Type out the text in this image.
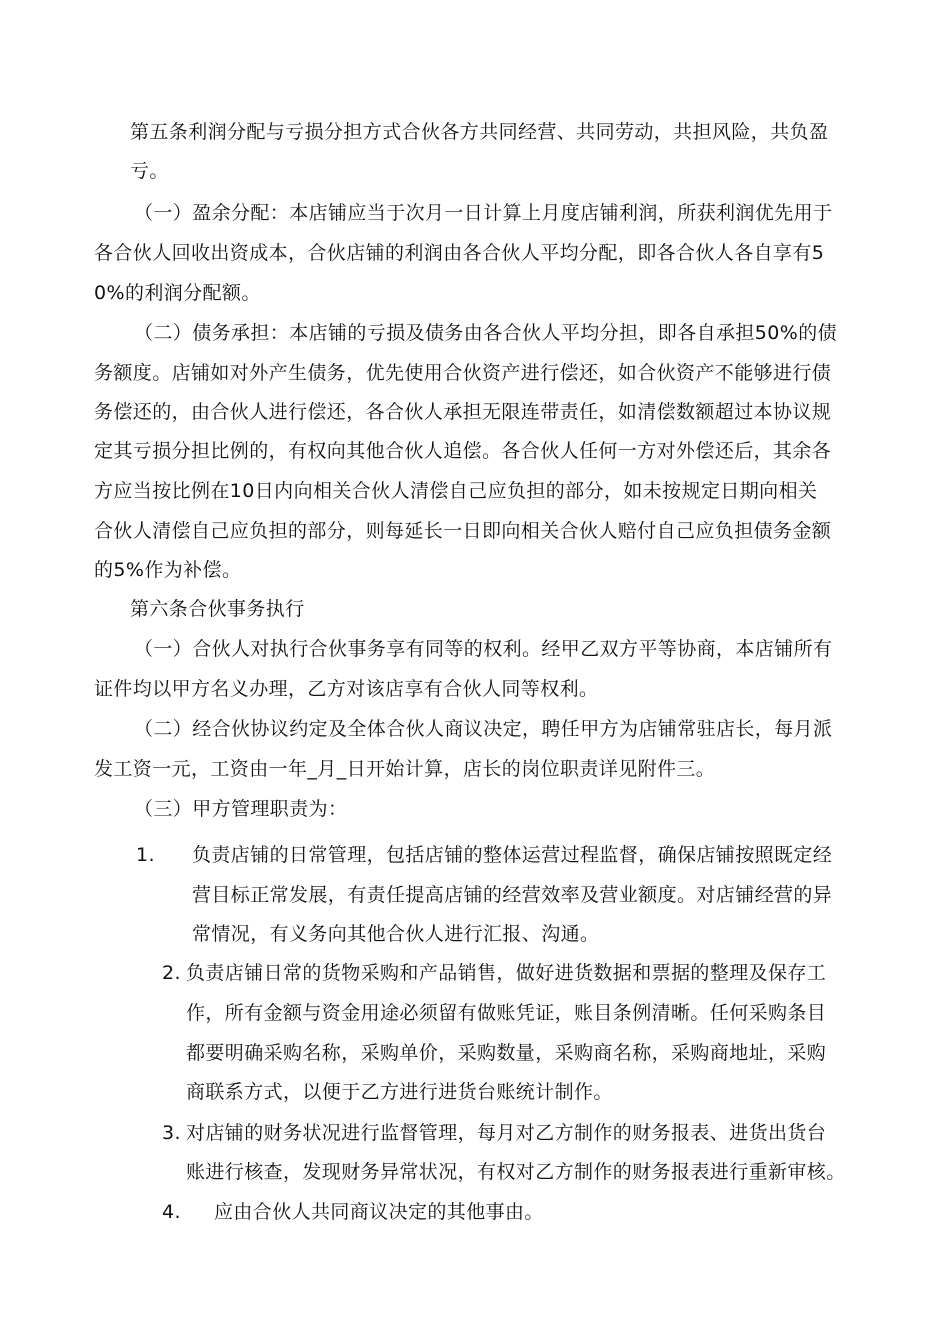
第五条利润分配与亏损分担方式合伙各方共同经营、共同劳动，共担风险，共负盈
亏。
（一）盈余分配：本店铺应当于次月一日计算上月度店铺利润，所获利润优先用于
各合伙人回收出资成本，合伙店铺的利润由各合伙人平均分配，即各合伙人各自享有5
0%的利润分配额。
（二）债务承担：本店铺的亏损及债务由各合伙人平均分担，即各自承担50%的债
务额度。店铺如对外产生债务，优先使用合伙资产进行偿还，如合伙资产不能够进行债
务偿还的，由合伙人进行偿还，各合伙人承担无限连带责任，如清偿数额超过本协议规
定其亏损分担比例的，有权向其他合伙人追偿。各合伙人任何一方对外偿还后，其余各
方应当按比例在10日内向相关合伙人清偿自己应负担的部分，如未按规定日期向相关
合伙人清偿自己应负担的部分，则每延长一日即向相关合伙人赔付自己应负担债务金额
的5%作为补偿。
第六条合伙事务执行
（一）合伙人对执行合伙事务享有同等的权利。经甲乙双方平等协商，本店铺所有
证件均以甲方名义办理，乙方对该店享有合伙人同等权利。
（二）经合伙协议约定及全体合伙人商议决定，聘任甲方为店铺常驻店长，每月派
发工资一元，工资由一年_月_日开始计算，店长的岗位职责详见附件三。
（三）甲方管理职责为：
1. 负责店铺的日常管理，包括店铺的整体运营过程监督，确保店铺按照既定经
营目标正常发展，有责任提高店铺的经营效率及营业额度。对店铺经营的异
常情况，有义务向其他合伙人进行汇报、沟通。
2. 负责店铺日常的货物采购和产品销售，做好进货数据和票据的整理及保存工
作，所有金额与资金用途必须留有做账凭证，账目条例清晰。任何采购条目
都要明确采购名称，采购单价，采购数量，采购商名称，采购商地址，采购
商联系方式，以便于乙方进行进货台账统计制作。
3. 对店铺的财务状况进行监督管理，每月对乙方制作的财务报表、进货出货台
账进行核查，发现财务异常状况，有权对乙方制作的财务报表进行重新审核。
4. 应由合伙人共同商议决定的其他事由。
